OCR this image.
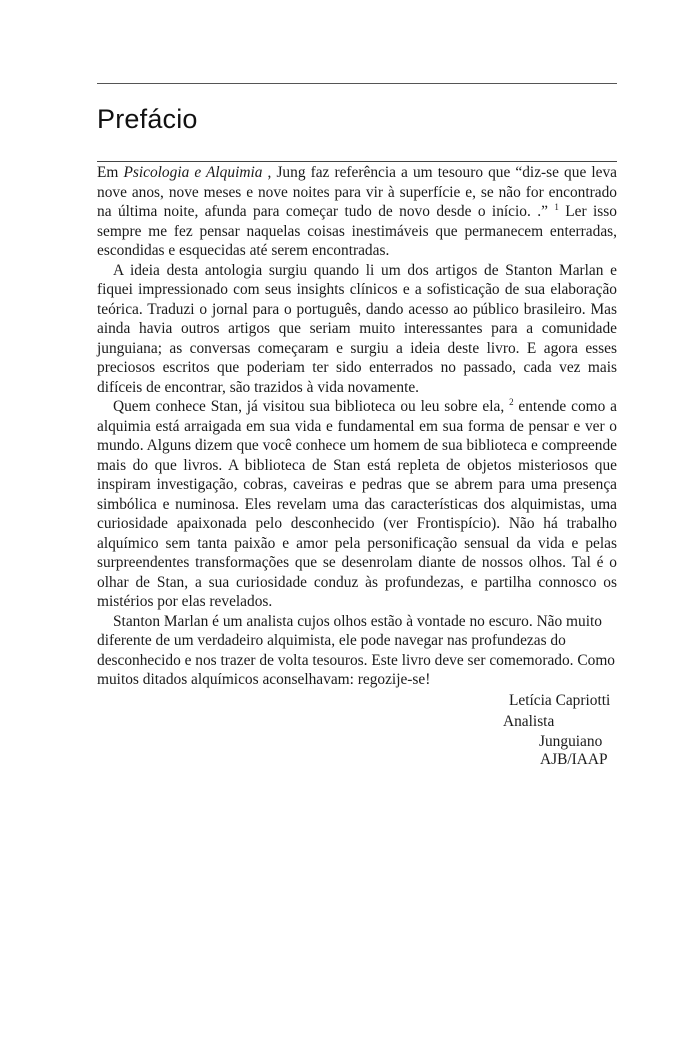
Prefácio

Em Psicologia e Alquimia , Jung faz referência a um tesouro que “diz-se que leva nove anos, nove meses e nove noites para vir à superfície e, se não for encontrado na última noite, afunda para começar tudo de novo desde o início. .” $^1$ Ler isso sempre me fez pensar naquelas coisas inestimáveis que permanecem enterradas, escondidas e esquecidas até serem encontradas.

A ideia desta antologia surgiu quando li um dos artigos de Stanton Marlan e fiquei impressionado com seus insights clínicos e a sofisticação de sua elaboração teórica. Traduzi o jornal para o português, dando acesso ao público brasileiro. Mas ainda havia outros artigos que seriam muito interessantes para a comunidade junguiana; as conversas começaram e surgiu a ideia deste livro. E agora esses preciosos escritos que poderiam ter sido enterrados no passado, cada vez mais difíceis de encontrar, são trazidos à vida novamente.

Quem conhece Stan, já visitou sua biblioteca ou leu sobre ela, $^2$ entende como a alquimia está arraigada em sua vida e fundamental em sua forma de pensar e ver o mundo. Alguns dizem que você conhece um homem de sua biblioteca e compreende mais do que livros. A biblioteca de Stan está repleta de objetos misteriosos que inspiram investigação, cobras, caveiras e pedras que se abrem para uma presença simbólica e numinosa. Eles revelam uma das características dos alquimistas, uma curiosidade apaixonada pelo desconhecido (ver Frontispício). Não há trabalho alquímico sem tanta paixão e amor pela personificação sensual da vida e pelas surpreendentes transformações que se desenrolam diante de nossos olhos. Tal é o olhar de Stan, a sua curiosidade conduz às profundezas, e partilha connosco os mistérios por elas revelados.

Stanton Marlan é um analista cujos olhos estão à vontade no escuro. Não muito diferente de um verdadeiro alquimista, ele pode navegar nas profundezas do desconhecido e nos trazer de volta tesouros. Este livro deve ser comemorado. Como muitos ditados alquímicos aconselhavam: regozije-se!

Letícia Capriotti
Analista
Junguiano
AJB/IAAP
